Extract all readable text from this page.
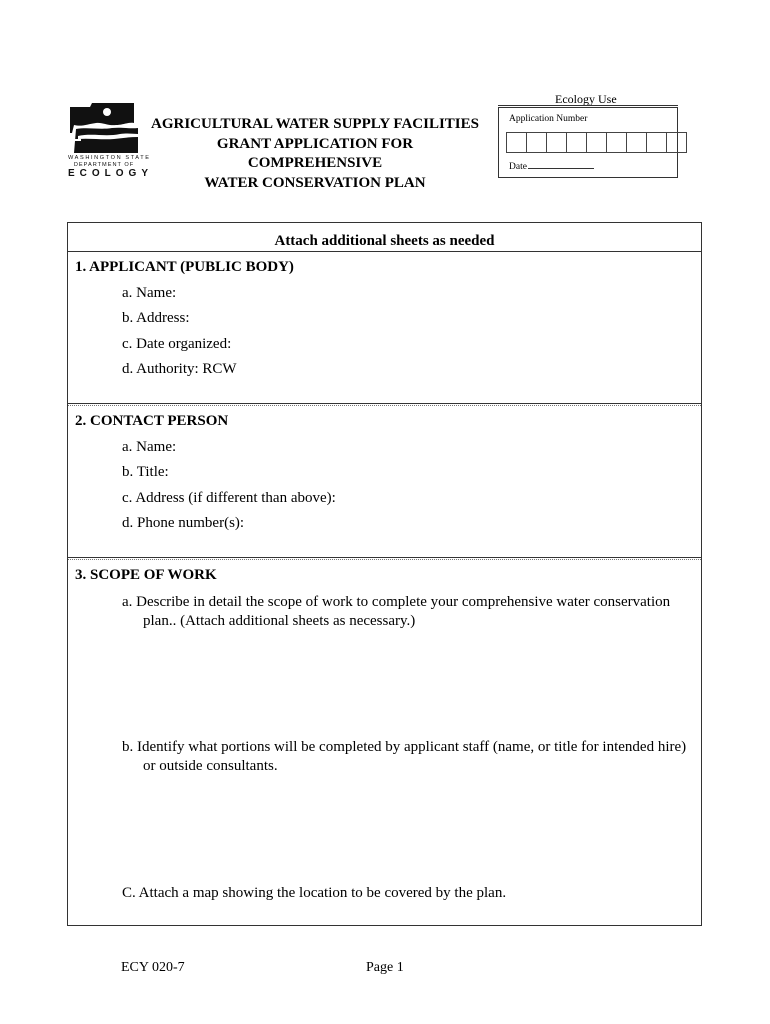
WASHINGTON STATE
DEPARTMENT OF
ECOLOGY
AGRICULTURAL WATER SUPPLY FACILITIES
GRANT APPLICATION FOR
COMPREHENSIVE
WATER CONSERVATION PLAN
Ecology Use
Application Number
Date
Attach additional sheets as needed
1. APPLICANT (PUBLIC BODY)
a. Name:
b. Address:
c. Date organized:
d. Authority: RCW
2. CONTACT PERSON
a. Name:
b. Title:
c. Address (if different than above):
d. Phone number(s):
3. SCOPE OF WORK
a. Describe in detail the scope of work to complete your comprehensive water conservation
plan.. (Attach additional sheets as necessary.)
b. Identify what portions will be completed by applicant staff (name, or title for intended hire)
or outside consultants.
C. Attach a map showing the location to be covered by the plan.
ECY 020-7	Page 1
